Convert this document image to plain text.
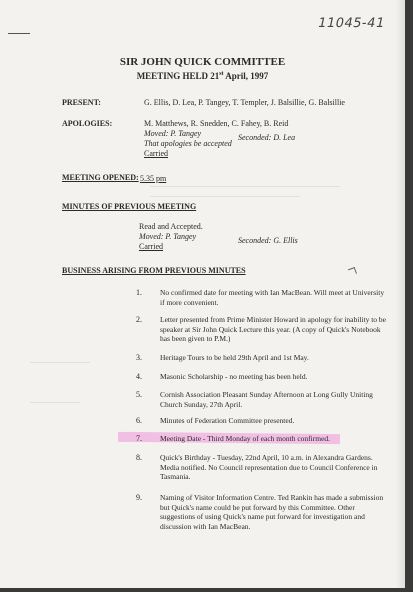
11045-41
SIR JOHN QUICK COMMITTEE
MEETING HELD 21st April, 1997
PRESENT:	G. Ellis, D. Lea, P. Tangey, T. Templer, J. Balsillie, G. Balsillie
APOLOGIES:	M. Matthews, R. Snedden, C. Fahey, B. Reid
Moved: P. Tangey	Seconded: D. Lea
That apologies be accepted
Carried
MEETING OPENED: 5.35 pm
MINUTES OF PREVIOUS MEETING
Read and Accepted.
Moved: P. Tangey	Seconded: G. Ellis
Carried
BUSINESS ARISING FROM PREVIOUS MINUTES
1. No confirmed date for meeting with Ian MacBean. Will meet at University if more convenient.
2. Letter presented from Prime Minister Howard in apology for inability to be speaker at Sir John Quick Lecture this year. (A copy of Quick's Notebook has been given to P.M.)
3. Heritage Tours to be held 29th April and 1st May.
4. Masonic Scholarship - no meeting has been held.
5. Cornish Association Pleasant Sunday Afternoon at Long Gully Uniting Church Sunday, 27th April.
6. Minutes of Federation Committee presented.
7. Meeting Date - Third Monday of each month confirmed.
8. Quick's Birthday - Tuesday, 22nd April, 10 a.m. in Alexandra Gardens. Media notified. No Council representation due to Council Conference in Tasmania.
9. Naming of Visitor Information Centre. Ted Rankin has made a submission but Quick's name could be put forward by this Committee. Other suggestions of using Quick's name put forward for investigation and discussion with Ian MacBean.
